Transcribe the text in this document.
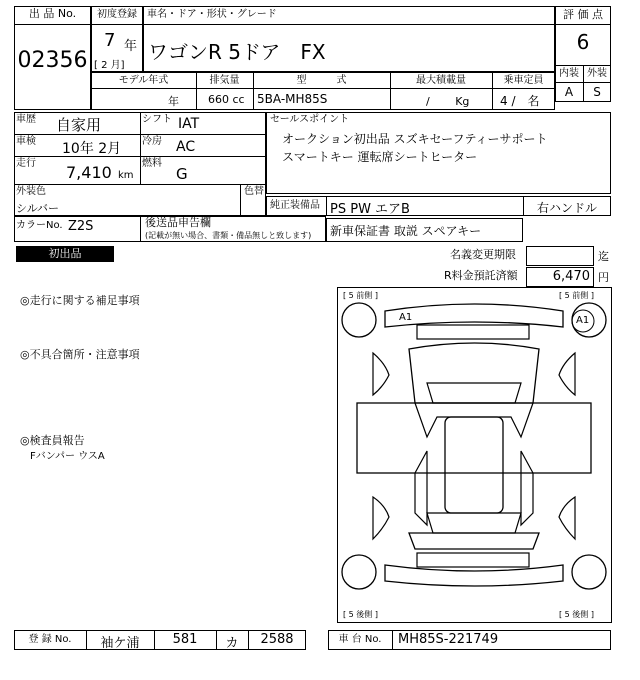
出 品 No.
02356
初度登録
7 年
[ 2 月]
車名・ドア・形状・グレード
ワゴンR 5ドア　FX
評 価 点
6
内装 外装
A	S
モデル年式	排気量	型　　　式	最大積載量	乗車定員
年	660 cc 5BA-MH85S	/　　 Kg	4 /　名
車歴 自家用
車検 10年 2月
走行 7,410 km
シフト IAT
冷房 AC
燃料
G
外装色
シルバー
色替
カラーNo. Z2S	後送品申告欄
(記載が無い場合、書類・備品無しと致します)
セールスポイント
オークション初出品 スズキセーフティーサポート
スマートキー 運転席シートヒーター
純正装備品 PS PW エアB	右ハンドル
新車保証書 取説 スペアキー
初出品	名義変更期限	迄
R料金預託済額	6,470 円
◎走行に関する補足事項
◎不具合箇所・注意事項
◎検査員報告
Fバンパー ウスA
[ 5 前側 ]	[ 5 前側 ]
[ 5 後側 ]	[ 5 後側 ]
A1	A1
登 録 No.	袖ケ浦	581	カ	2588	車 台 No.	MH85S-221749
